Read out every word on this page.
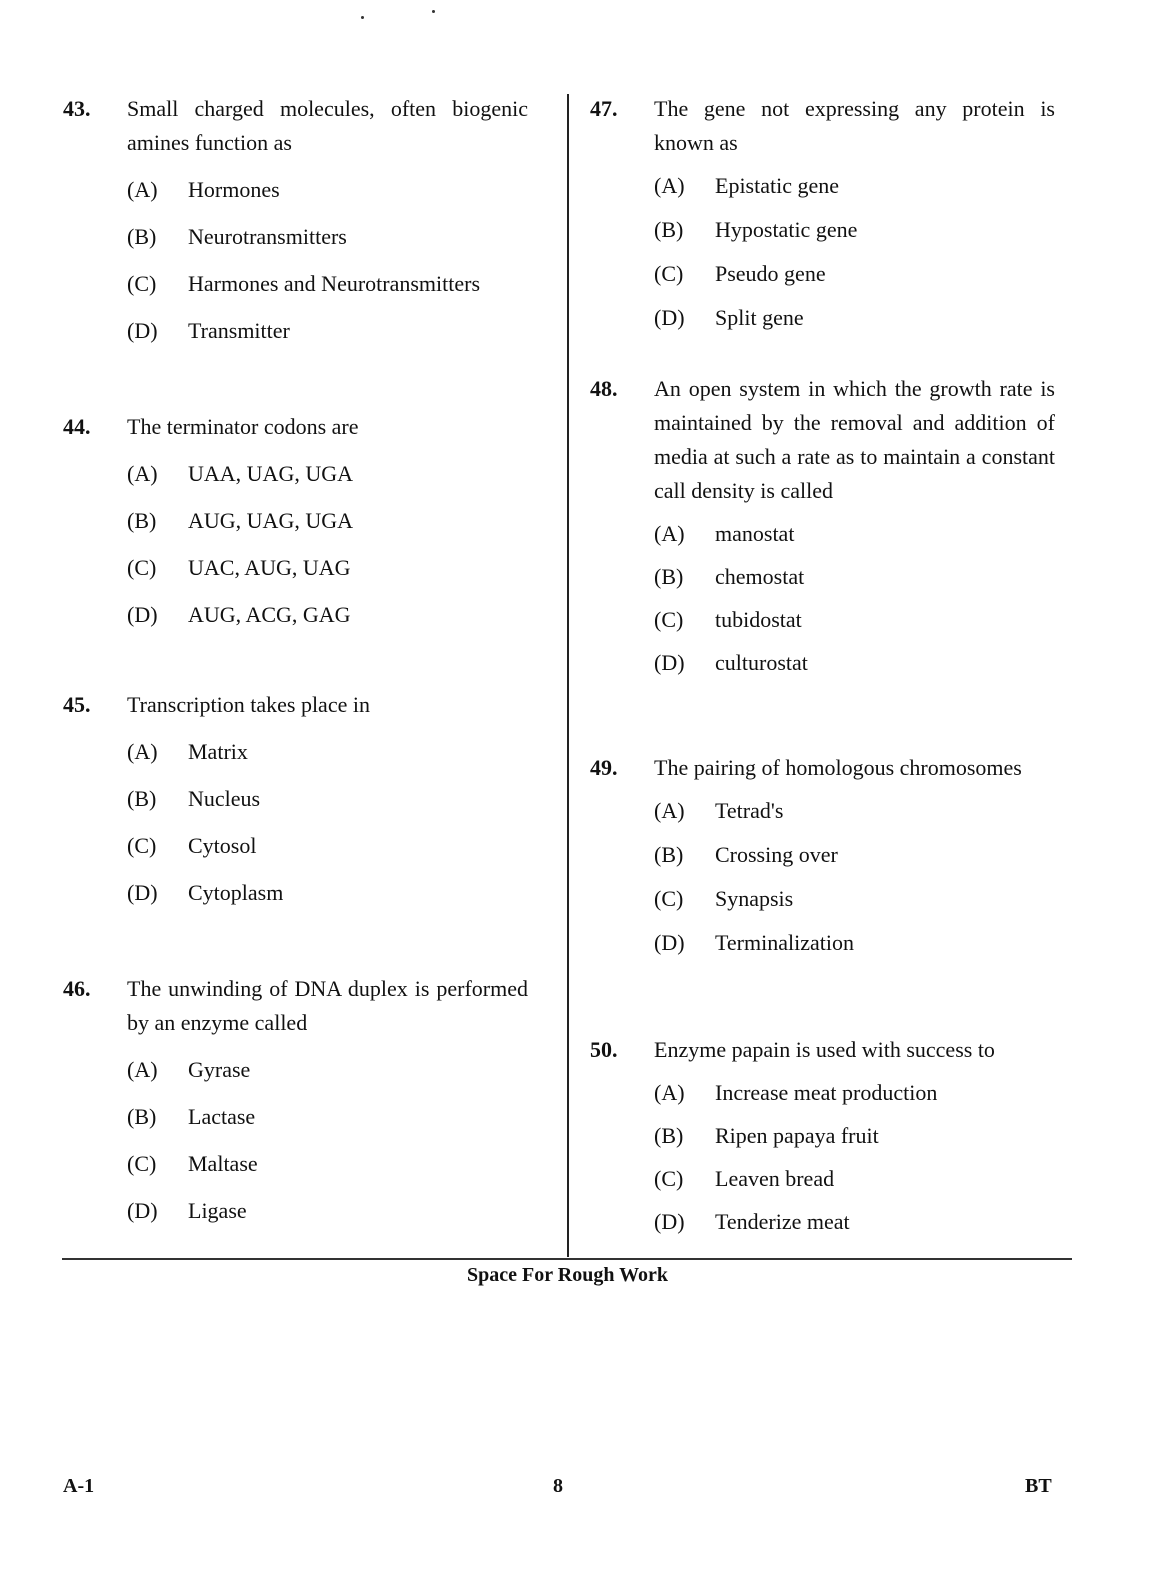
43. Small charged molecules, often biogenic amines function as
(A)	Hormones
(B)	Neurotransmitters
(C)	Harmones and Neurotransmitters
(D)	Transmitter
44. The terminator codons are
(A)	UAA, UAG, UGA
(B)	AUG, UAG, UGA
(C)	UAC, AUG, UAG
(D)	AUG, ACG, GAG
45. Transcription takes place in
(A)	Matrix
(B)	Nucleus
(C)	Cytosol
(D)	Cytoplasm
46. The unwinding of DNA duplex is performed by an enzyme called
(A)	Gyrase
(B)	Lactase
(C)	Maltase
(D)	Ligase
47. The gene not expressing any protein is known as
(A)	Epistatic gene
(B)	Hypostatic gene
(C)	Pseudo gene
(D)	Split gene
48. An open system in which the growth rate is maintained by the removal and addition of media at such a rate as to maintain a constant call density is called
(A)	manostat
(B)	chemostat
(C)	tubidostat
(D)	culturostat
49. The pairing of homologous chromosomes
(A)	Tetrad's
(B)	Crossing over
(C)	Synapsis
(D)	Terminalization
50. Enzyme papain is used with success to
(A)	Increase meat production
(B)	Ripen papaya fruit
(C)	Leaven bread
(D)	Tenderize meat
Space For Rough Work
A-1	8	BT
